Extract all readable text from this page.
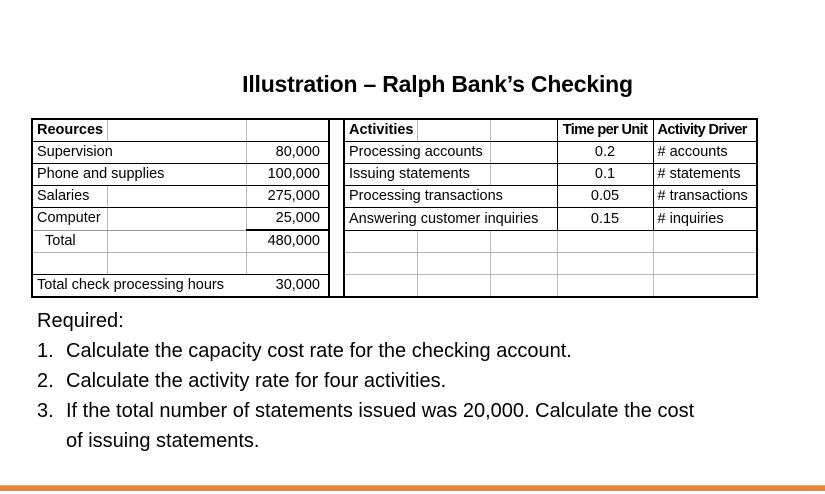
Illustration – Ralph Bank’s Checking
Reources		
Supervision		80,000
Phone and supplies		100,000
Salaries		275,000
Computer		25,000
Total		480,000

Total check processing hours		30,000
Activities			Time per Unit	Activity Driver
Processing accounts			0.2	# accounts
Issuing statements			0.1	# statements
Processing transactions			0.05	# transactions
Answering customer inquiries			0.15	# inquiries

Required:
1. Calculate the capacity cost rate for the checking account.
2. Calculate the activity rate for four activities.
3. If the total number of statements issued was 20,000. Calculate the cost
of issuing statements.
